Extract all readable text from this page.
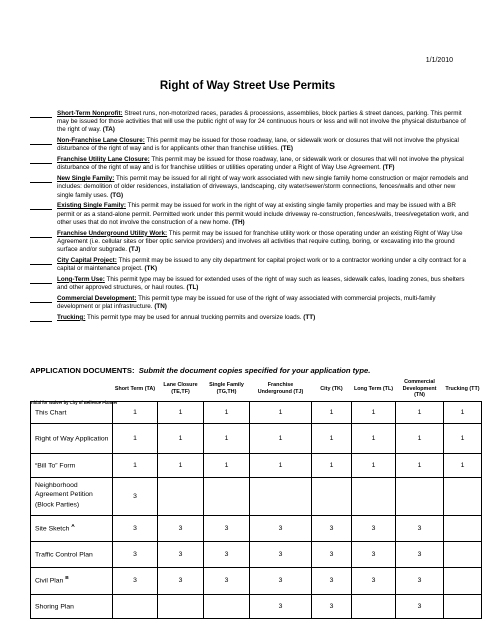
1/1/2010
Right of Way Street Use Permits
Short-Term Nonprofit: Street runs, non-motorized races, parades & processions, assemblies, block parties & street dances, parking. This permit may be issued for those activities that will use the public right of way for 24 continuous hours or less and will not involve the physical disturbance of the right of way. (TA)
Non-Franchise Lane Closure: This permit may be issued for those roadway, lane, or sidewalk work or closures that will not involve the physical disturbance of the right of way and is for applicants other than franchise utilities. (TE)
Franchise Utility Lane Closure: This permit may be issued for those roadway, lane, or sidewalk work or closures that will not involve the physical disturbance of the right of way and is for franchise utilities or utilities operating under a Right of Way Use Agreement. (TF)
New Single Family: This permit may be issued for all right of way work associated with new single family home construction or major remodels and includes: demolition of older residences, installation of driveways, landscaping, city water/sewer/storm connections, fences/walls and other new single family uses. (TG)
Existing Single Family: This permit may be issued for work in the right of way at existing single family properties and may be issued with a BR permit or as a stand-alone permit. Permitted work under this permit would include driveway re-construction, fences/walls, trees/vegetation work, and other uses that do not involve the construction of a new home. (TH)
Franchise Underground Utility Work: This permit may be issued for franchise utility work or those operating under an existing Right of Way Use Agreement (i.e. cellular sites or fiber optic service providers) and involves all activities that require cutting, boring, or excavating into the ground surface and/or subgrade. (TJ)
City Capital Project: This permit may be issued to any city department for capital project work or to a contractor working under a city contract for a capital or maintenance project. (TK)
Long-Term Use: This permit type may be issued for extended uses of the right of way such as leases, sidewalk cafes, loading zones, bus shelters and other approved structures, or haul routes. (TL)
Commercial Development: This permit type may be issued for use of the right of way associated with commercial projects, multi-family development or plat infrastructure. (TN)
Trucking: This permit type may be used for annual trucking permits and oversize loads. (TT)
APPLICATION DOCUMENTS: Submit the document copies specified for your application type.
Initial for Waiver by City of Bellevue Planner
	Short Term (TA)	Lane Closure (TE,TF)	Single Family (TG,TH)	Franchise Underground (TJ)	City (TK)	Long Term (TL)	Commercial Development (TN)	Trucking (TT)
This Chart	1	1	1	1	1	1	1	1
Right of Way Application	1	1	1	1	1	1	1	1
“Bill To” Form	1	1	1	1	1	1	1	1
Neighborhood Agreement Petition (Block Parties)	3							
Site Sketch $^A$	3	3	3	3	3	3	3	
Traffic Control Plan	3	3	3	3	3	3	3	
Civil Plan $^B$	3	3	3	3	3	3	3	
Shoring Plan				3	3		3	
